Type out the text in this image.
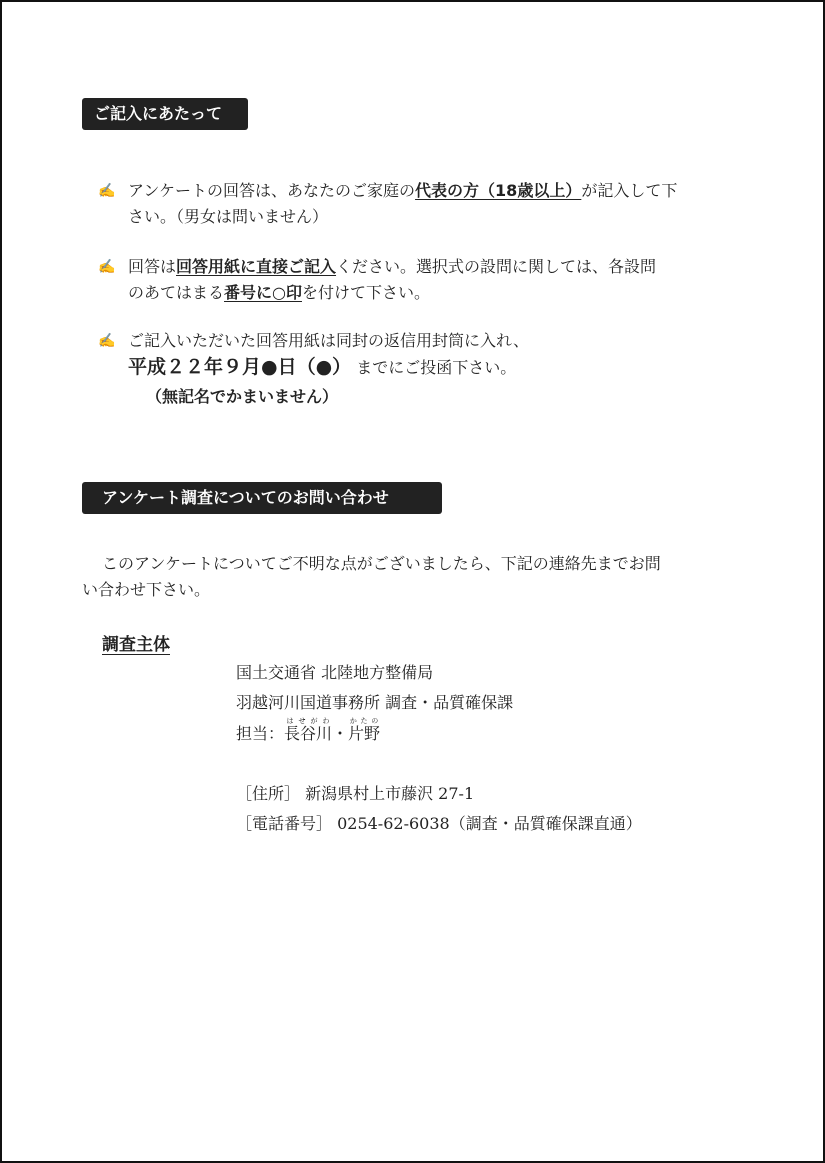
ご記入にあたって
✍ アンケートの回答は、あなたのご家庭の代表の方（18歳以上）が記入して下
さい。（男女は問いません）
✍ 回答は回答用紙に直接ご記入ください。選択式の設問に関しては、各設問
のあてはまる番号に○印を付けて下さい。
✍ ご記入いただいた回答用紙は同封の返信用封筒に入れ、
平成２２年９月●日（●） までにご投函下さい。
（無記名でかまいません）
アンケート調査についてのお問い合わせ
このアンケートについてご不明な点がございましたら、下記の連絡先までお問
い合わせ下さい。
調査主体
国土交通省 北陸地方整備局
羽越河川国道事務所 調査・品質確保課
担当：長谷川はせがわ・片野かたの
［住所］ 新潟県村上市藤沢 27-1
［電話番号］ 0254-62-6038（調査・品質確保課直通）
